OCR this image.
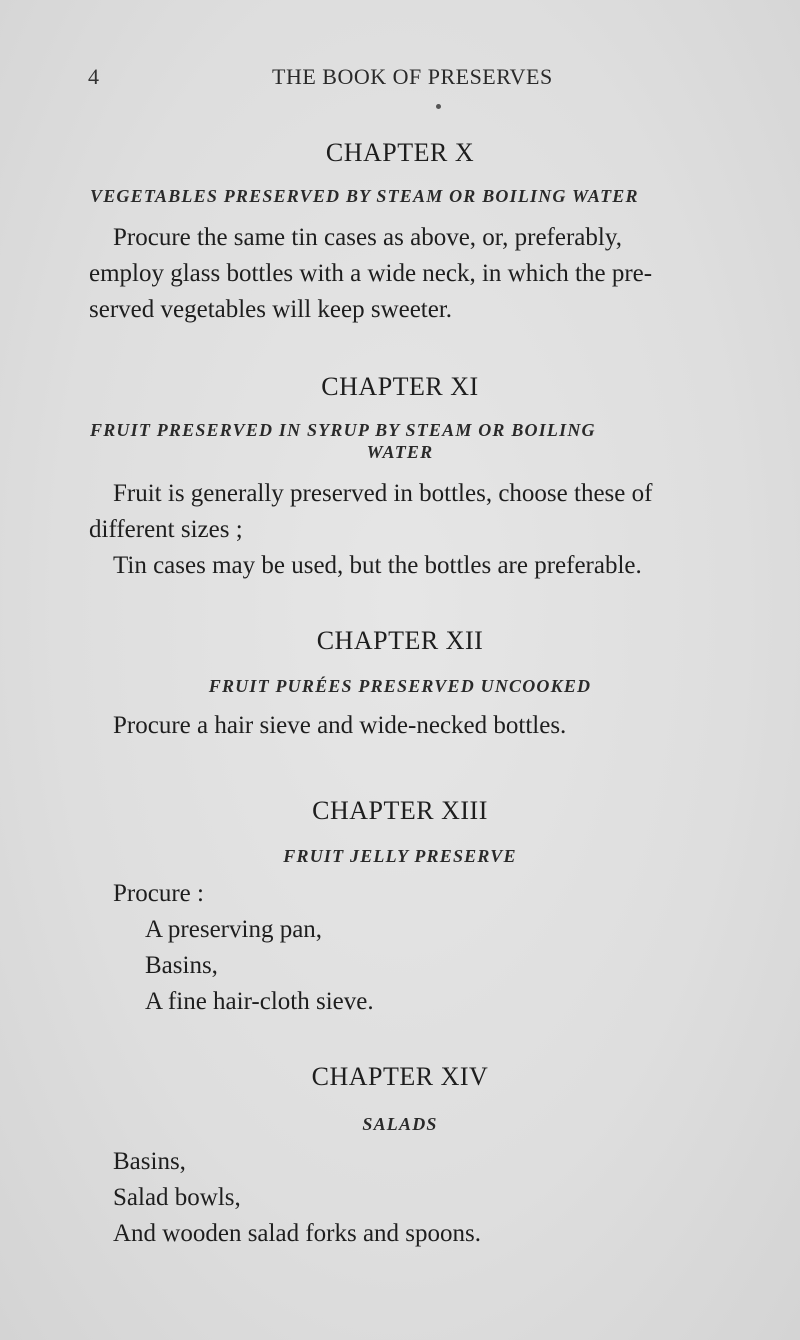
4	THE BOOK OF PRESERVES
CHAPTER X
VEGETABLES PRESERVED BY STEAM OR BOILING WATER
Procure the same tin cases as above, or, preferably,
employ glass bottles with a wide neck, in which the pre-
served vegetables will keep sweeter.
CHAPTER XI
FRUIT PRESERVED IN SYRUP BY STEAM OR BOILING
WATER
Fruit is generally preserved in bottles, choose these of
different sizes ;
Tin cases may be used, but the bottles are preferable.
CHAPTER XII
FRUIT PURÉES PRESERVED UNCOOKED
Procure a hair sieve and wide-necked bottles.
CHAPTER XIII
FRUIT JELLY PRESERVE
Procure :
A preserving pan,
Basins,
A fine hair-cloth sieve.
CHAPTER XIV
SALADS
Basins,
Salad bowls,
And wooden salad forks and spoons.
